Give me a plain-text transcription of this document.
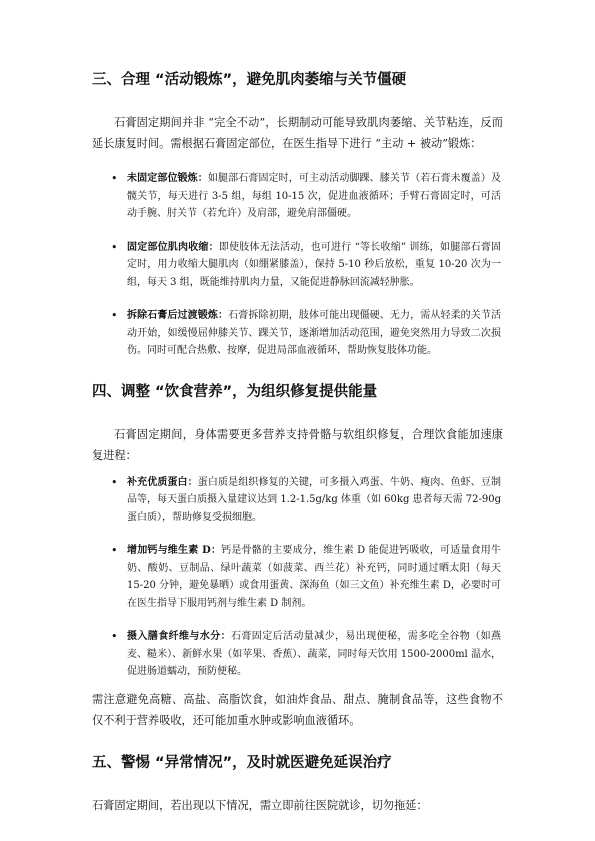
三、合理 “活动锻炼”，避免肌肉萎缩与关节僵硬

石膏固定期间并非 “完全不动”，长期制动可能导致肌肉萎缩、关节粘连，反而延长康复时间。需根据石膏固定部位，在医生指导下进行 “主动 + 被动”锻炼：

• 未固定部位锻炼：如腿部石膏固定时，可主动活动脚踝、膝关节（若石膏未覆盖）及髋关节，每天进行 3-5 组，每组 10-15 次，促进血液循环；手臂石膏固定时，可活动手腕、肘关节（若允许）及肩部，避免肩部僵硬。
• 固定部位肌肉收缩：即使肢体无法活动，也可进行 “等长收缩” 训练，如腿部石膏固定时，用力收缩大腿肌肉（如绷紧膝盖），保持 5-10 秒后放松，重复 10-20 次为一组，每天 3 组，既能维持肌肉力量，又能促进静脉回流减轻肿胀。
• 拆除石膏后过渡锻炼：石膏拆除初期，肢体可能出现僵硬、无力，需从轻柔的关节活动开始，如缓慢屈伸膝关节、踝关节，逐渐增加活动范围，避免突然用力导致二次损伤。同时可配合热敷、按摩，促进局部血液循环，帮助恢复肢体功能。
四、调整 “饮食营养”，为组织修复提供能量

石膏固定期间，身体需要更多营养支持骨骼与软组织修复，合理饮食能加速康复进程：

• 补充优质蛋白：蛋白质是组织修复的关键，可多摄入鸡蛋、牛奶、瘦肉、鱼虾、豆制品等，每天蛋白质摄入量建议达到 1.2-1.5g/kg 体重（如 60kg 患者每天需 72-90g 蛋白质），帮助修复受损细胞。
• 增加钙与维生素 D：钙是骨骼的主要成分，维生素 D 能促进钙吸收，可适量食用牛奶、酸奶、豆制品、绿叶蔬菜（如菠菜、西兰花）补充钙，同时通过晒太阳（每天 15-20 分钟，避免暴晒）或食用蛋黄、深海鱼（如三文鱼）补充维生素 D，必要时可在医生指导下服用钙剂与维生素 D 制剂。
• 摄入膳食纤维与水分：石膏固定后活动量减少，易出现便秘，需多吃全谷物（如燕麦、糙米）、新鲜水果（如苹果、香蕉）、蔬菜，同时每天饮用 1500-2000ml 温水，促进肠道蠕动，预防便秘。

需注意避免高糖、高盐、高脂饮食，如油炸食品、甜点、腌制食品等，这些食物不仅不利于营养吸收，还可能加重水肿或影响血液循环。

五、警惕 “异常情况”，及时就医避免延误治疗

石膏固定期间，若出现以下情况，需立即前往医院就诊，切勿拖延：
